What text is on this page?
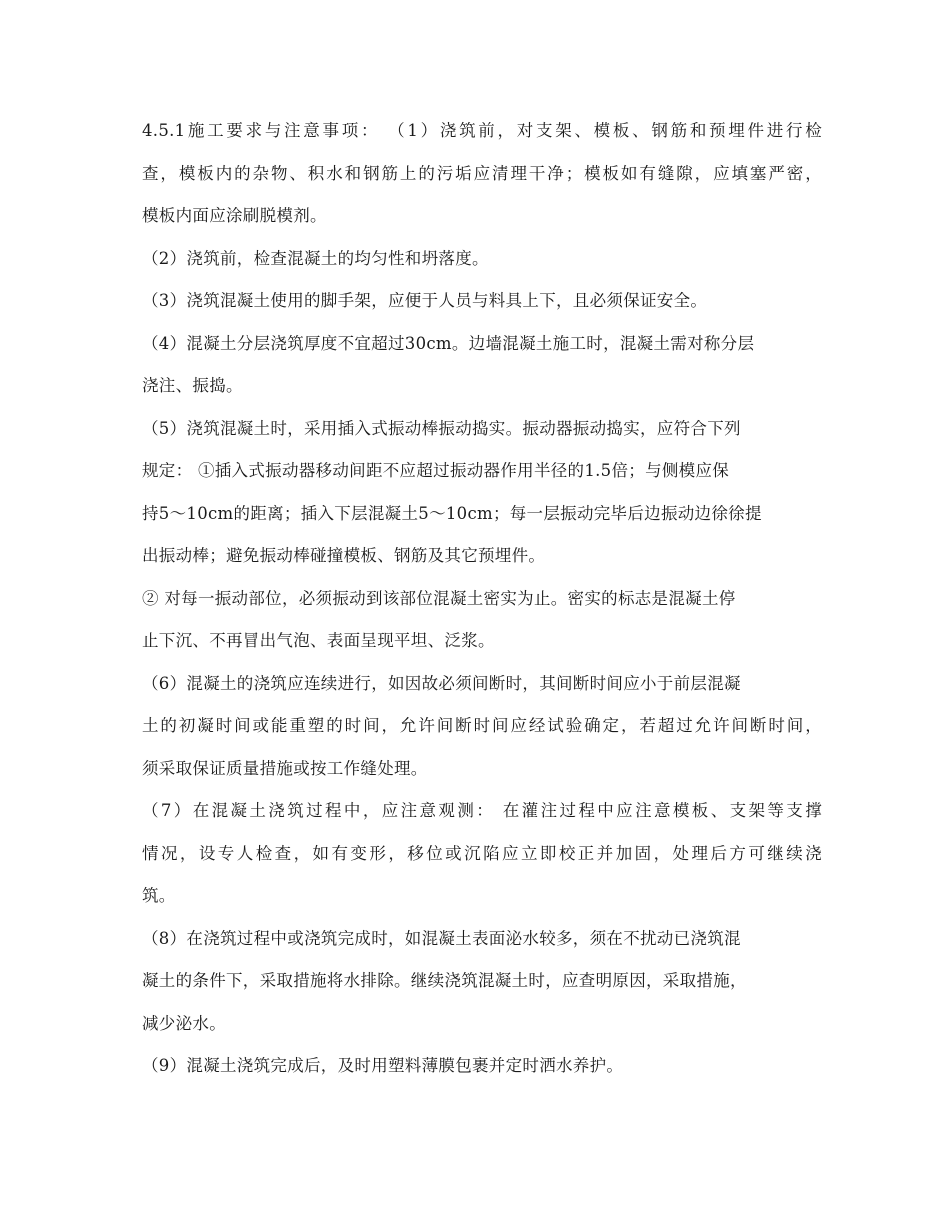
4.5.1施工要求与注意事项： （1）浇筑前，对支架、模板、钢筋和预埋件进行检
查，模板内的杂物、积水和钢筋上的污垢应清理干净；模板如有缝隙，应填塞严密，
模板内面应涂刷脱模剂。
（2）浇筑前，检查混凝土的均匀性和坍落度。
（3）浇筑混凝土使用的脚手架，应便于人员与料具上下，且必须保证安全。
（4）混凝土分层浇筑厚度不宜超过30cm。边墙混凝土施工时，混凝土需对称分层
浇注、振捣。
（5）浇筑混凝土时，采用插入式振动棒振动捣实。振动器振动捣实，应符合下列
规定： ①插入式振动器移动间距不应超过振动器作用半径的1.5倍；与侧模应保
持5～10cm的距离；插入下层混凝土5～10cm；每一层振动完毕后边振动边徐徐提
出振动棒；避免振动棒碰撞模板、钢筋及其它预埋件。
② 对每一振动部位，必须振动到该部位混凝土密实为止。密实的标志是混凝土停
止下沉、不再冒出气泡、表面呈现平坦、泛浆。
（6）混凝土的浇筑应连续进行，如因故必须间断时，其间断时间应小于前层混凝
土的初凝时间或能重塑的时间，允许间断时间应经试验确定，若超过允许间断时间，
须采取保证质量措施或按工作缝处理。
（7）在混凝土浇筑过程中，应注意观测： 在灌注过程中应注意模板、支架等支撑
情况，设专人检查，如有变形，移位或沉陷应立即校正并加固，处理后方可继续浇
筑。
（8）在浇筑过程中或浇筑完成时，如混凝土表面泌水较多，须在不扰动已浇筑混
凝土的条件下，采取措施将水排除。继续浇筑混凝土时，应查明原因，采取措施，
减少泌水。
（9）混凝土浇筑完成后，及时用塑料薄膜包裹并定时洒水养护。
